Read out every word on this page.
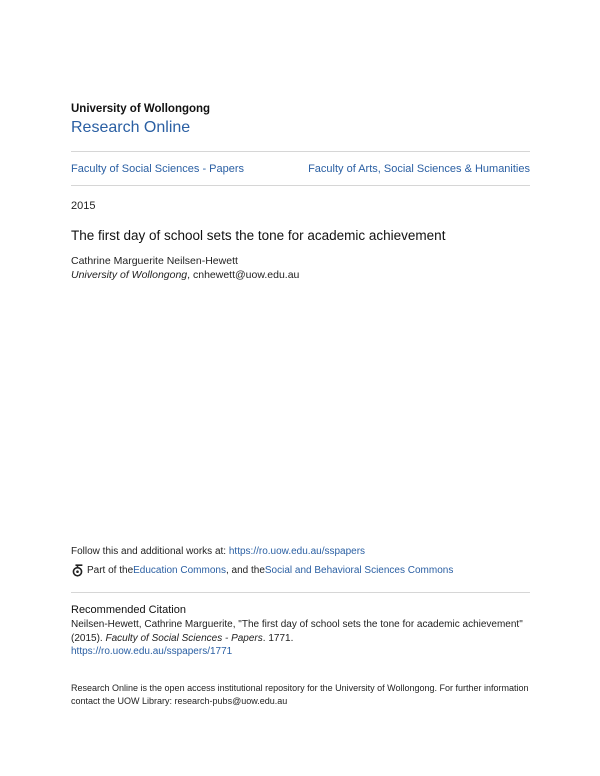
University of Wollongong
Research Online
Faculty of Social Sciences - Papers	Faculty of Arts, Social Sciences & Humanities
2015
The first day of school sets the tone for academic achievement
Cathrine Marguerite Neilsen-Hewett
University of Wollongong, cnhewett@uow.edu.au
Follow this and additional works at: https://ro.uow.edu.au/sspapers
Part of the Education Commons , and the Social and Behavioral Sciences Commons
Recommended Citation
Neilsen-Hewett, Cathrine Marguerite, "The first day of school sets the tone for academic achievement" (2015). Faculty of Social Sciences - Papers. 1771.
https://ro.uow.edu.au/sspapers/1771
Research Online is the open access institutional repository for the University of Wollongong. For further information contact the UOW Library: research-pubs@uow.edu.au
